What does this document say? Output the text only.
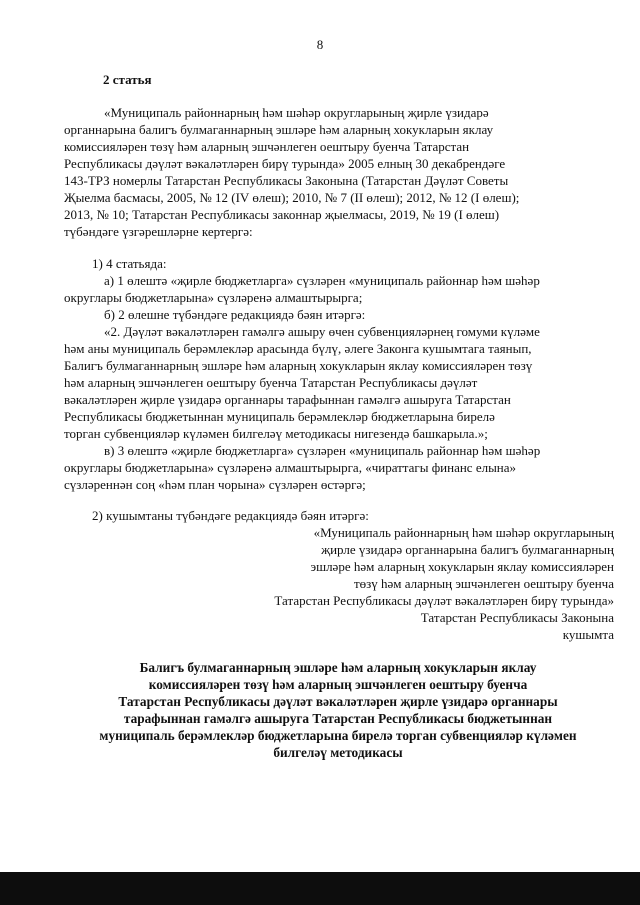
8
2 статья

«Муниципаль районнарның һәм шәһәр округларының җирле үзидарә

органнарына балигъ булмаганнарның эшләре һәм аларның хокукларын яклау

комиссияләрен төзү һәм аларның эшчәнлеген оештыру буенча Татарстан

Республикасы дәүләт вәкаләтләрен бирү турында» 2005 елның 30 декабрендәге

143-ТРЗ номерлы Татарстан Республикасы Законына (Татарстан Дәүләт Советы

Җыелма басмасы, 2005, № 12 (IV өлеш); 2010, № 7 (II өлеш); 2012, № 12 (I өлеш);

2013, № 10; Татарстан Республикасы законнар җыелмасы, 2019, № 19 (I өлеш)

түбәндәге үзгәрешләрне кертергә:

1) 4 статьяда:

а) 1 өлештә «җирле бюджетларга» сүзләрен «муниципаль районнар һәм шәһәр

округлары бюджетларына» сүзләренә алмаштырырга;

б) 2 өлешне түбәндәге редакциядә бәян итәргә:

«2. Дәүләт вәкаләтләрен гамәлгә ашыру өчен субвенцияләрнең гомуми күләме

һәм аны муниципаль берәмлекләр арасында бүлү, әлеге Законга кушымтага таянып,

Балигъ булмаганнарның эшләре һәм аларның хокукларын яклау комиссияләрен төзү

һәм аларның эшчәнлеген оештыру буенча Татарстан Республикасы дәүләт

вәкаләтләрен җирле үзидарә органнары тарафыннан гамәлгә ашыруга Татарстан

Республикасы бюджетыннан муниципаль берәмлекләр бюджетларына бирелә

торган субвенцияләр күләмен билгеләү методикасы нигезендә башкарыла.»;

в) 3 өлештә «җирле бюджетларга» сүзләрен «муниципаль районнар һәм шәһәр

округлары бюджетларына» сүзләренә алмаштырырга, «чираттагы финанс елына»

сүзләреннән соң «һәм план чорына» сүзләрен өстәргә;

2) кушымтаны түбәндәге редакциядә бәян итәргә:

«Муниципаль районнарның һәм шәһәр округларының
җирле үзидарә органнарына балигъ булмаганнарның
эшләре һәм аларның хокукларын яклау комиссияләрен
төзү һәм аларның эшчәнлеген оештыру буенча
Татарстан Республикасы дәүләт вәкаләтләрен бирү турында»
Татарстан Республикасы Законына
кушымта
Балигъ булмаганнарның эшләре һәм аларның хокукларын яклау
комиссияләрен төзү һәм аларның эшчәнлеген оештыру буенча
Татарстан Республикасы дәүләт вәкаләтләрен җирле үзидарә органнары
тарафыннан гамәлгә ашыруга Татарстан Республикасы бюджетыннан
муниципаль берәмлекләр бюджетларына бирелә торган субвенцияләр күләмен
билгеләү методикасы
